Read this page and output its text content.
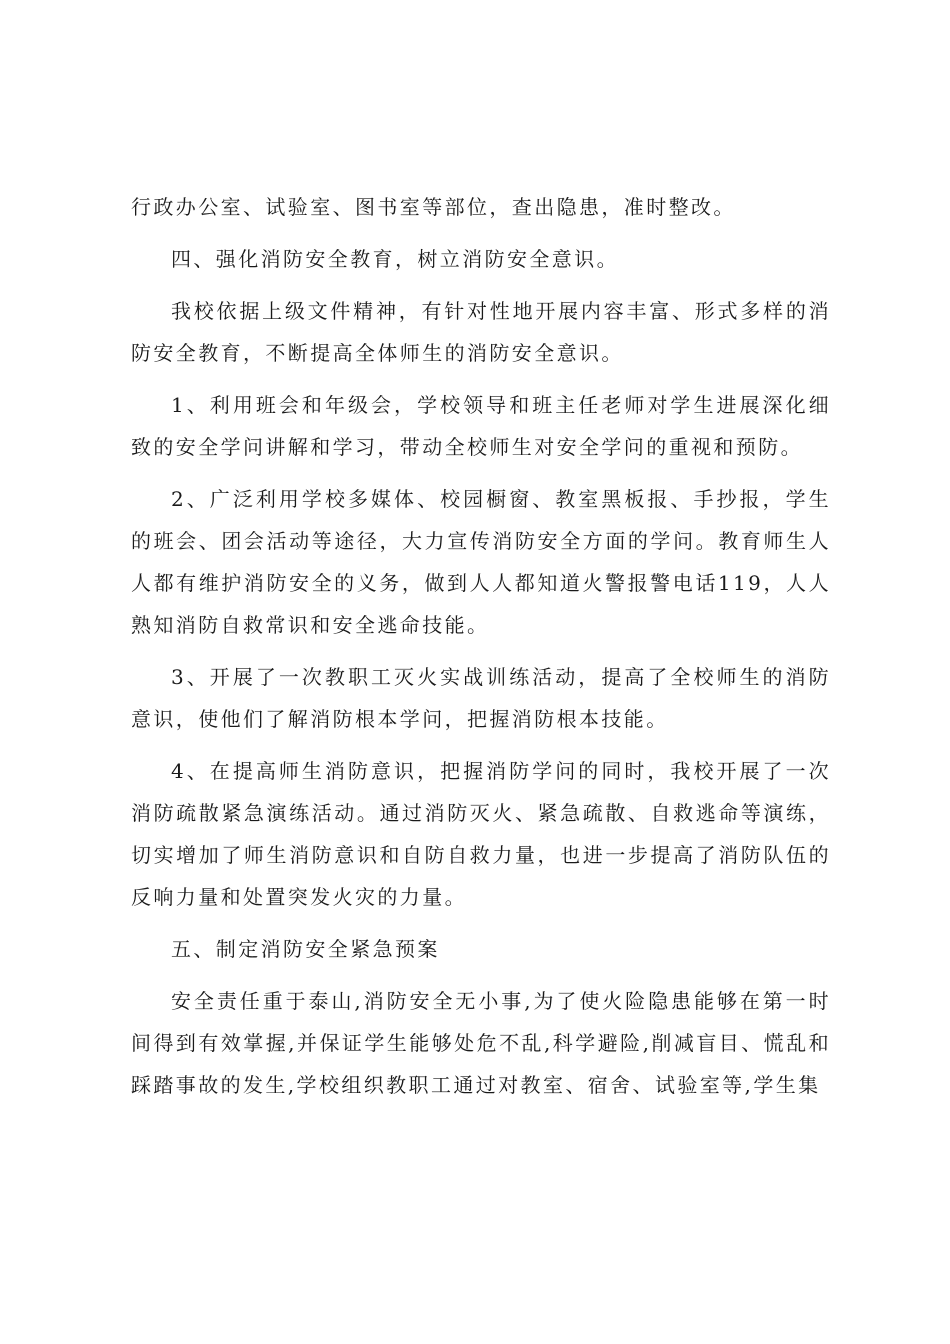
行政办公室、试验室、图书室等部位，查出隐患，准时整改。

四、强化消防安全教育，树立消防安全意识。

我校依据上级文件精神，有针对性地开展内容丰富、形式多样的消防安全教育，不断提高全体师生的消防安全意识。

1、利用班会和年级会，学校领导和班主任老师对学生进展深化细致的安全学问讲解和学习，带动全校师生对安全学问的重视和预防。

2、广泛利用学校多媒体、校园橱窗、教室黑板报、手抄报，学生的班会、团会活动等途径，大力宣传消防安全方面的学问。教育师生人人都有维护消防安全的义务，做到人人都知道火警报警电话119，人人熟知消防自救常识和安全逃命技能。

3、开展了一次教职工灭火实战训练活动，提高了全校师生的消防意识，使他们了解消防根本学问，把握消防根本技能。

4、在提高师生消防意识，把握消防学问的同时，我校开展了一次消防疏散紧急演练活动。通过消防灭火、紧急疏散、自救逃命等演练，切实增加了师生消防意识和自防自救力量，也进一步提高了消防队伍的反响力量和处置突发火灾的力量。

五、制定消防安全紧急预案

安全责任重于泰山,消防安全无小事,为了使火险隐患能够在第一时间得到有效掌握,并保证学生能够处危不乱,科学避险,削减盲目、慌乱和踩踏事故的发生,学校组织教职工通过对教室、宿舍、试验室等,学生集
